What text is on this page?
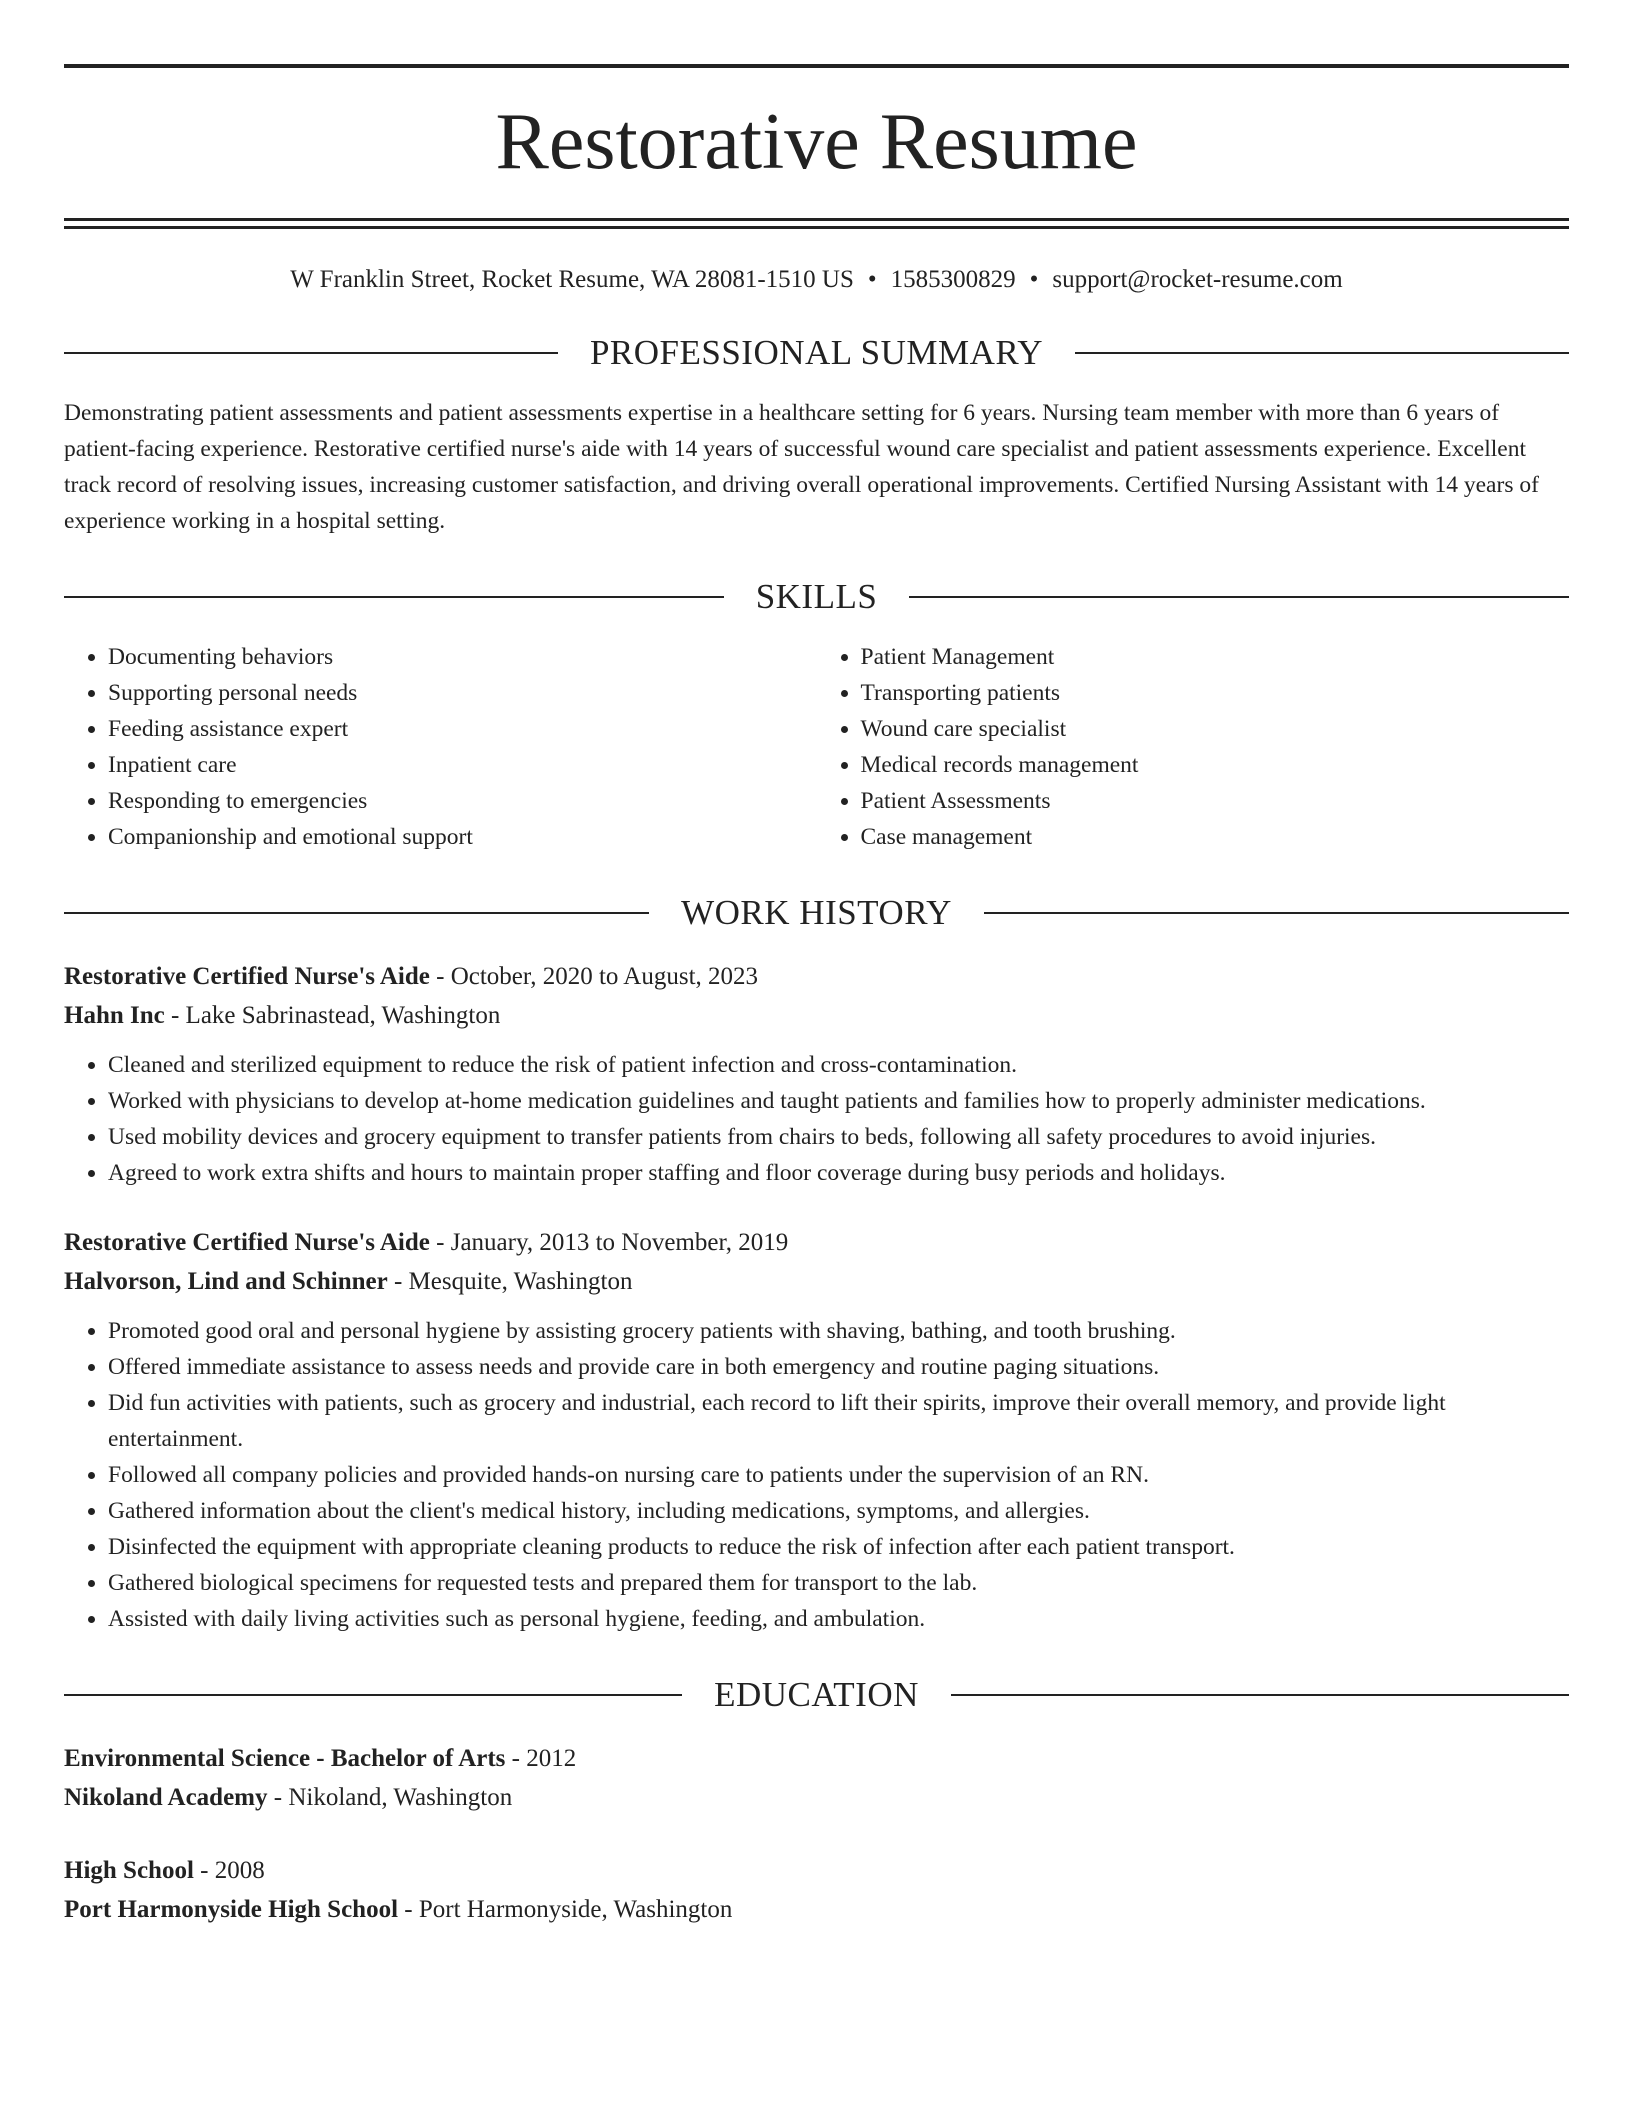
Restorative Resume
W Franklin Street, Rocket Resume, WA 28081-1510 US • 1585300829 • support@rocket-resume.com
PROFESSIONAL SUMMARY
Demonstrating patient assessments and patient assessments expertise in a healthcare setting for 6 years. Nursing team member with more than 6 years of patient-facing experience. Restorative certified nurse's aide with 14 years of successful wound care specialist and patient assessments experience. Excellent track record of resolving issues, increasing customer satisfaction, and driving overall operational improvements. Certified Nursing Assistant with 14 years of experience working in a hospital setting.
SKILLS
• Documenting behaviors
• Supporting personal needs
• Feeding assistance expert
• Inpatient care
• Responding to emergencies
• Companionship and emotional support
• Patient Management
• Transporting patients
• Wound care specialist
• Medical records management
• Patient Assessments
• Case management
WORK HISTORY
Restorative Certified Nurse's Aide - October, 2020 to August, 2023
Hahn Inc - Lake Sabrinastead, Washington
• Cleaned and sterilized equipment to reduce the risk of patient infection and cross-contamination.
• Worked with physicians to develop at-home medication guidelines and taught patients and families how to properly administer medications.
• Used mobility devices and grocery equipment to transfer patients from chairs to beds, following all safety procedures to avoid injuries.
• Agreed to work extra shifts and hours to maintain proper staffing and floor coverage during busy periods and holidays.
Restorative Certified Nurse's Aide - January, 2013 to November, 2019
Halvorson, Lind and Schinner - Mesquite, Washington
• Promoted good oral and personal hygiene by assisting grocery patients with shaving, bathing, and tooth brushing.
• Offered immediate assistance to assess needs and provide care in both emergency and routine paging situations.
• Did fun activities with patients, such as grocery and industrial, each record to lift their spirits, improve their overall memory, and provide light entertainment.
• Followed all company policies and provided hands-on nursing care to patients under the supervision of an RN.
• Gathered information about the client's medical history, including medications, symptoms, and allergies.
• Disinfected the equipment with appropriate cleaning products to reduce the risk of infection after each patient transport.
• Gathered biological specimens for requested tests and prepared them for transport to the lab.
• Assisted with daily living activities such as personal hygiene, feeding, and ambulation.
EDUCATION
Environmental Science - Bachelor of Arts - 2012
Nikoland Academy - Nikoland, Washington
High School - 2008
Port Harmonyside High School - Port Harmonyside, Washington
